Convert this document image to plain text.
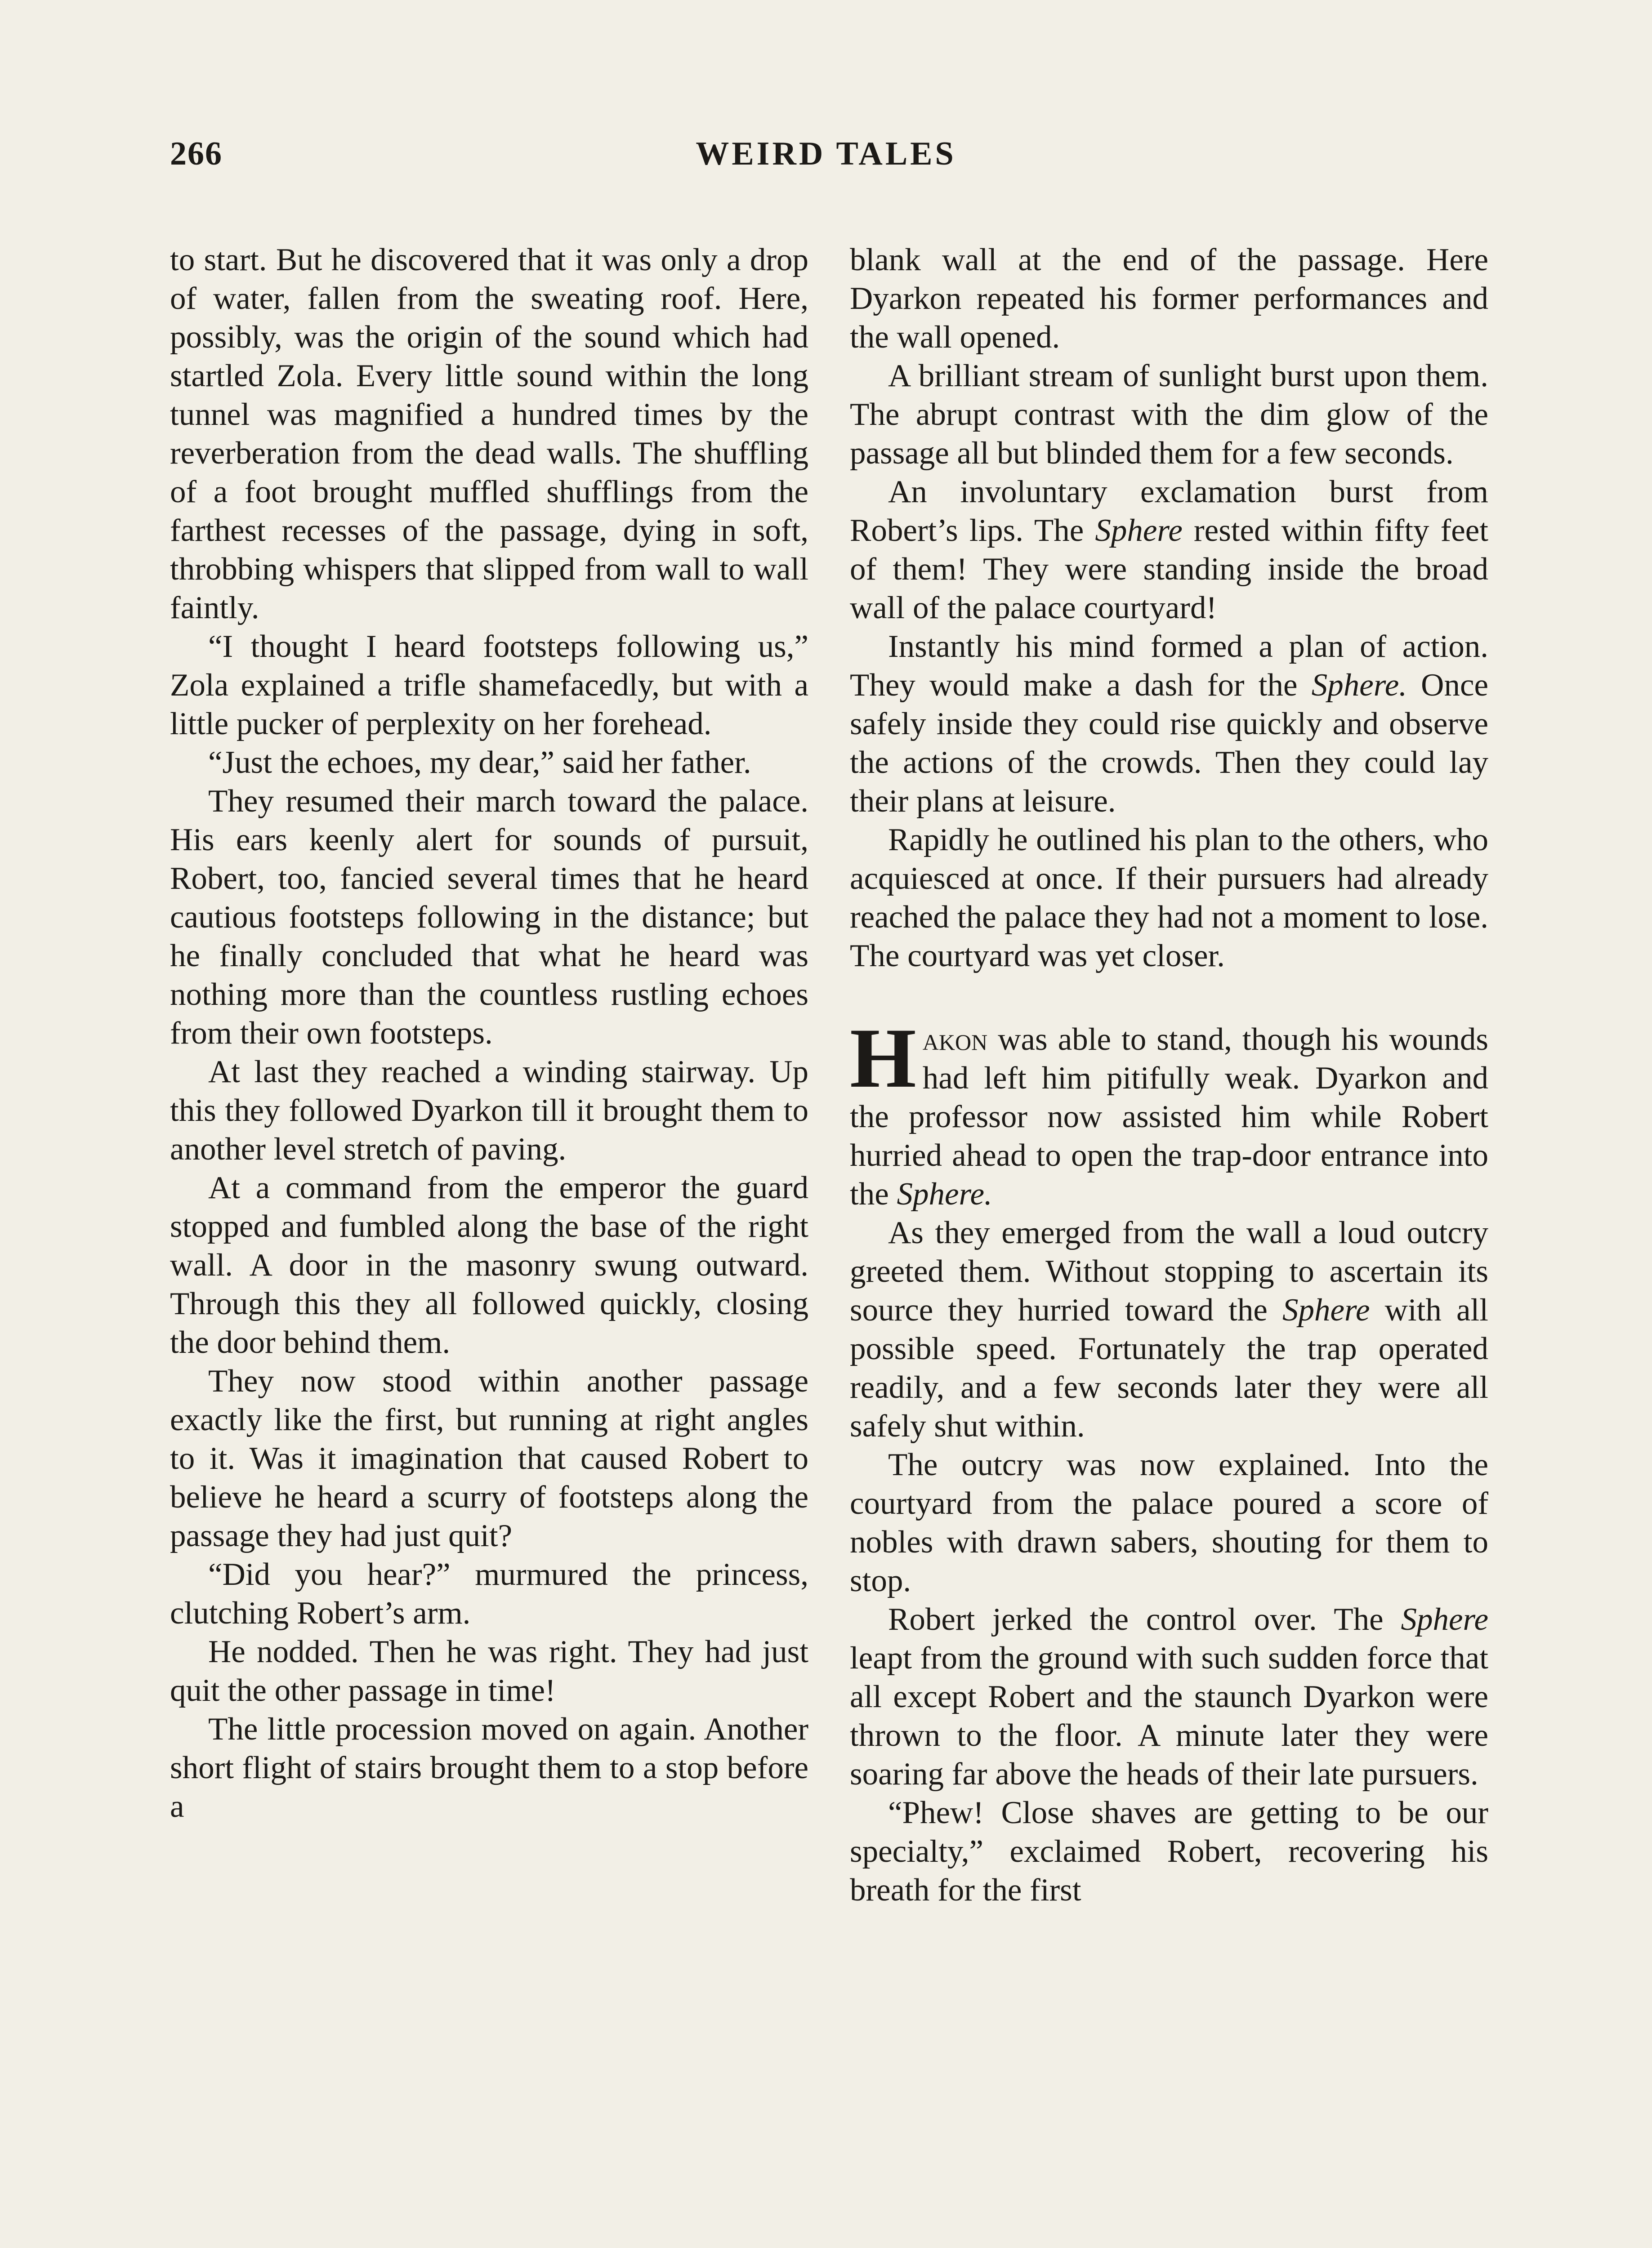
266	WEIRD TALES

to start. But he discovered that it was only a drop of water, fallen from the sweating roof. Here, possibly, was the origin of the sound which had startled Zola. Every little sound within the long tunnel was magnified a hundred times by the reverberation from the dead walls. The shuffling of a foot brought muffled shufflings from the farthest recesses of the passage, dying in soft, throbbing whispers that slipped from wall to wall faintly.

“I thought I heard footsteps following us,” Zola explained a trifle shamefacedly, but with a little pucker of perplexity on her forehead.

“Just the echoes, my dear,” said her father.

They resumed their march toward the palace. His ears keenly alert for sounds of pursuit, Robert, too, fancied several times that he heard cautious footsteps following in the distance; but he finally concluded that what he heard was nothing more than the countless rustling echoes from their own footsteps.

At last they reached a winding stairway. Up this they followed Dyarkon till it brought them to another level stretch of paving.

At a command from the emperor the guard stopped and fumbled along the base of the right wall. A door in the masonry swung outward. Through this they all followed quickly, closing the door behind them.

They now stood within another passage exactly like the first, but running at right angles to it. Was it imagination that caused Robert to believe he heard a scurry of footsteps along the passage they had just quit?

“Did you hear?” murmured the princess, clutching Robert’s arm.

He nodded. Then he was right. They had just quit the other passage in time!

The little procession moved on again. Another short flight of stairs brought them to a stop before a

blank wall at the end of the passage. Here Dyarkon repeated his former performances and the wall opened.

A brilliant stream of sunlight burst upon them. The abrupt contrast with the dim glow of the passage all but blinded them for a few seconds.

An involuntary exclamation burst from Robert’s lips. The Sphere rested within fifty feet of them! They were standing inside the broad wall of the palace courtyard!

Instantly his mind formed a plan of action. They would make a dash for the Sphere. Once safely inside they could rise quickly and observe the actions of the crowds. Then they could lay their plans at leisure.

Rapidly he outlined his plan to the others, who acquiesced at once. If their pursuers had already reached the palace they had not a moment to lose. The courtyard was yet closer.

Hakon was able to stand, though his wounds had left him pitifully weak. Dyarkon and the professor now assisted him while Robert hurried ahead to open the trap-door entrance into the Sphere.

As they emerged from the wall a loud outcry greeted them. Without stopping to ascertain its source they hurried toward the Sphere with all possible speed. Fortunately the trap operated readily, and a few seconds later they were all safely shut within.

The outcry was now explained. Into the courtyard from the palace poured a score of nobles with drawn sabers, shouting for them to stop.

Robert jerked the control over. The Sphere leapt from the ground with such sudden force that all except Robert and the staunch Dyarkon were thrown to the floor. A minute later they were soaring far above the heads of their late pursuers.

“Phew! Close shaves are getting to be our specialty,” exclaimed Robert, recovering his breath for the first
